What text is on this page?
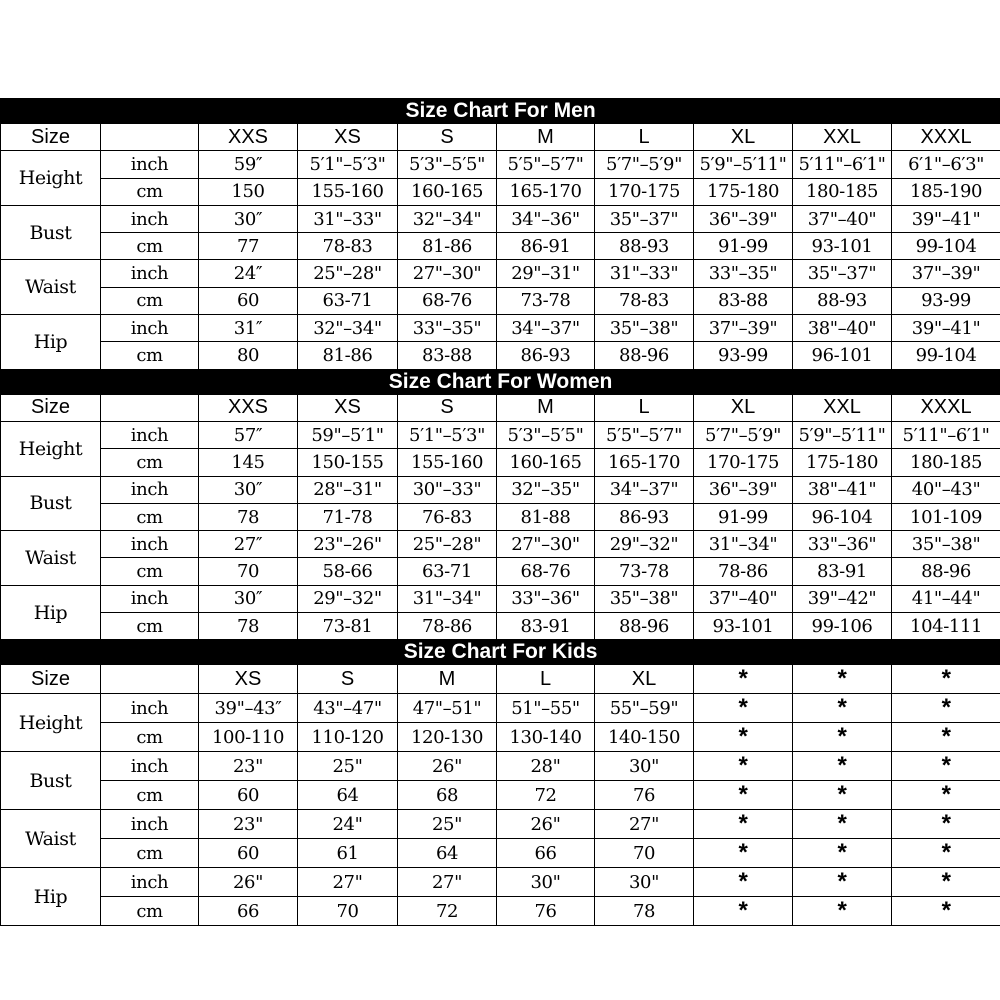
Size Chart For Men									
Size		XXS	XS	S	M	L	XL	XXL	XXXL
Height	inch	59″	5′1"–5′3"	5′3"–5′5"	5′5"–5′7"	5′7"–5′9"	5′9"–5′11"	5′11"–6′1"	6′1"–6′3"
	cm	150	155-160	160-165	165-170	170-175	175-180	180-185	185-190
Bust	inch	30″	31"–33"	32"–34"	34"–36"	35"–37"	36"–39"	37"–40"	39"–41"
	cm	77	78-83	81-86	86-91	88-93	91-99	93-101	99-104
Waist	inch	24″	25"–28"	27"–30"	29"–31"	31"–33"	33"–35"	35"–37"	37"–39"
	cm	60	63-71	68-76	73-78	78-83	83-88	88-93	93-99
Hip	inch	31″	32"–34"	33"–35"	34"–37"	35"–38"	37"–39"	38"–40"	39"–41"
	cm	80	81-86	83-88	86-93	88-96	93-99	96-101	99-104
Size Chart For Women									
Size		XXS	XS	S	M	L	XL	XXL	XXXL
Height	inch	57″	59"–5′1"	5′1"–5′3"	5′3"–5′5"	5′5"–5′7"	5′7"–5′9"	5′9"–5′11"	5′11"–6′1"
	cm	145	150-155	155-160	160-165	165-170	170-175	175-180	180-185
Bust	inch	30″	28"–31"	30"–33"	32"–35"	34"–37"	36"–39"	38"–41"	40"–43"
	cm	78	71-78	76-83	81-88	86-93	91-99	96-104	101-109
Waist	inch	27″	23"–26"	25"–28"	27"–30"	29"–32"	31"–34"	33"–36"	35"–38"
	cm	70	58-66	63-71	68-76	73-78	78-86	83-91	88-96
Hip	inch	30″	29"–32"	31"–34"	33"–36"	35"–38"	37"–40"	39"–42"	41"–44"
	cm	78	73-81	78-86	83-91	88-96	93-101	99-106	104-111
Size Chart For Kids									
Size		XS	S	M	L	XL	*	*	*
Height	inch	39"–43″	43"–47"	47"–51"	51"–55"	55"–59"	*	*	*
	cm	100-110	110-120	120-130	130-140	140-150	*	*	*
Bust	inch	23"	25"	26"	28"	30"	*	*	*
	cm	60	64	68	72	76	*	*	*
Waist	inch	23"	24"	25"	26"	27"	*	*	*
	cm	60	61	64	66	70	*	*	*
Hip	inch	26"	27"	27"	30"	30"	*	*	*
	cm	66	70	72	76	78	*	*	*
